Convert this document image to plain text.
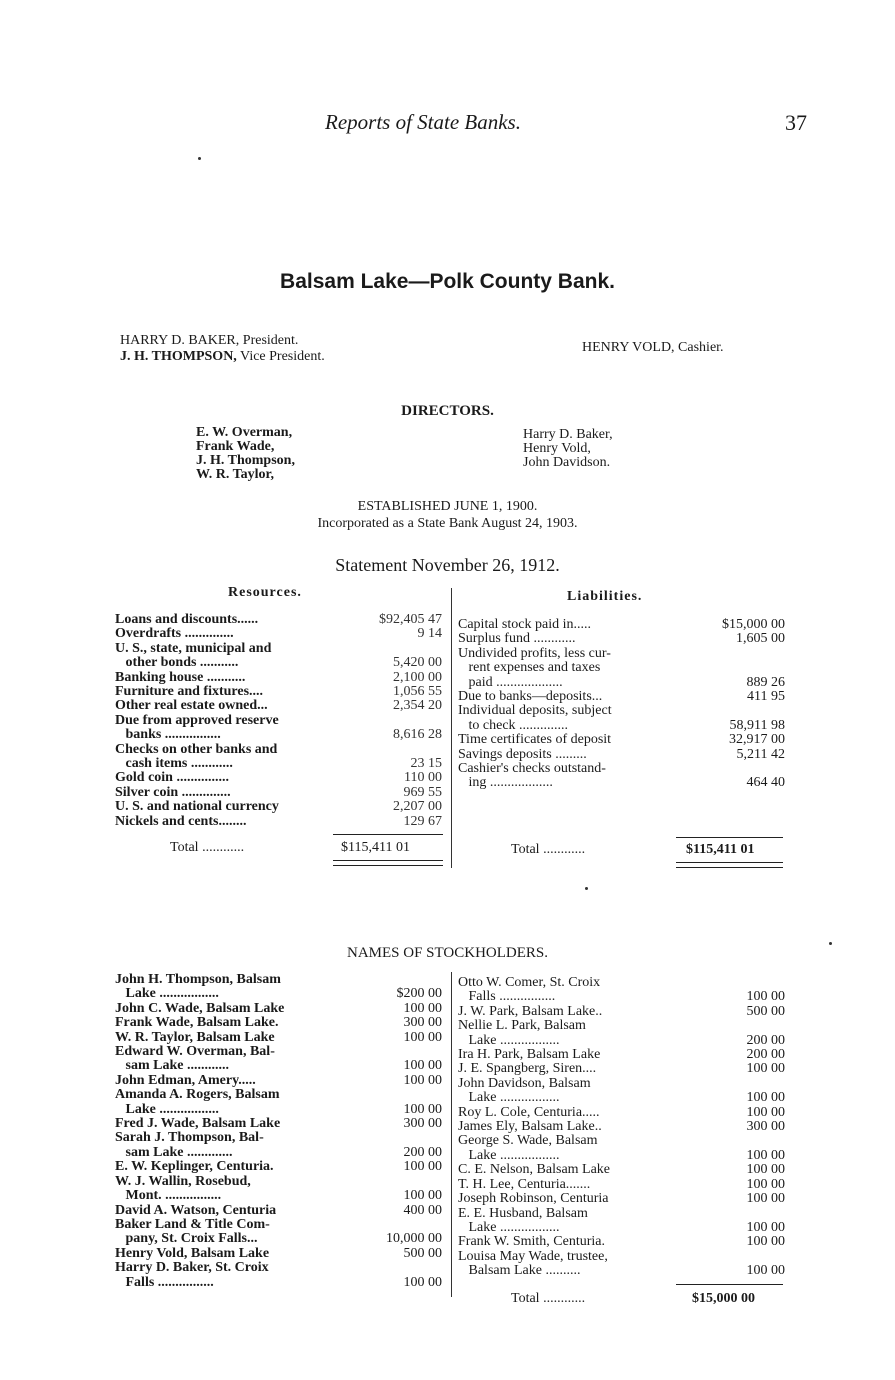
Reports of State Banks.	37
Balsam Lake—Polk County Bank.
HARRY D. BAKER, President.
J. H. THOMPSON, Vice President.
HENRY VOLD, Cashier.
DIRECTORS.
E. W. Overman,
Frank Wade,
J. H. Thompson,
W. R. Taylor,
Harry D. Baker,
Henry Vold,
John Davidson.
ESTABLISHED JUNE 1, 1900.
Incorporated as a State Bank August 24, 1903.
Statement November 26, 1912.
Resources.	Liabilities.
Loans and discounts......	$92,405 47
Overdrafts ..............	9 14
U. S., state, municipal and
other bonds ...........	5,420 00
Banking house ...........	2,100 00
Furniture and fixtures....	1,056 55
Other real estate owned...	2,354 20
Due from approved reserve
banks ................	8,616 28
Checks on other banks and
cash items ............	23 15
Gold coin ...............	110 00
Silver coin ..............	969 55
U. S. and national currency	2,207 00
Nickels and cents........	129 67
Capital stock paid in.....	$15,000 00
Surplus fund ............	1,605 00
Undivided profits, less cur-
rent expenses and taxes
paid ...................	889 26
Due to banks—deposits...	411 95
Individual deposits, subject
to check ..............	58,911 98
Time certificates of deposit	32,917 00
Savings deposits .........	5,211 42
Cashier's checks outstand-
ing ..................	464 40
Total ............	$115,411 01	Total ............	$115,411 01
NAMES OF STOCKHOLDERS.
John H. Thompson, Balsam
Lake .................	$200 00
John C. Wade, Balsam Lake	100 00
Frank Wade, Balsam Lake.	300 00
W. R. Taylor, Balsam Lake	100 00
Edward W. Overman, Bal-
sam Lake ............	100 00
John Edman, Amery.....	100 00
Amanda A. Rogers, Balsam
Lake .................	100 00
Fred J. Wade, Balsam Lake	300 00
Sarah J. Thompson, Bal-
sam Lake .............	200 00
E. W. Keplinger, Centuria.	100 00
W. J. Wallin, Rosebud,
Mont. ................	100 00
David A. Watson, Centuria	400 00
Baker Land & Title Com-
pany, St. Croix Falls...	10,000 00
Henry Vold, Balsam Lake	500 00
Harry D. Baker, St. Croix
Falls ................	100 00
Otto W. Comer, St. Croix
Falls ................	100 00
J. W. Park, Balsam Lake..	500 00
Nellie L. Park, Balsam
Lake .................	200 00
Ira H. Park, Balsam Lake	200 00
J. E. Spangberg, Siren....	100 00
John Davidson, Balsam
Lake .................	100 00
Roy L. Cole, Centuria.....	100 00
James Ely, Balsam Lake..	300 00
George S. Wade, Balsam
Lake .................	100 00
C. E. Nelson, Balsam Lake	100 00
T. H. Lee, Centuria.......	100 00
Joseph Robinson, Centuria	100 00
E. E. Husband, Balsam
Lake .................	100 00
Frank W. Smith, Centuria.	100 00
Louisa May Wade, trustee,
Balsam Lake ..........	100 00
Total ............	$15,000 00
